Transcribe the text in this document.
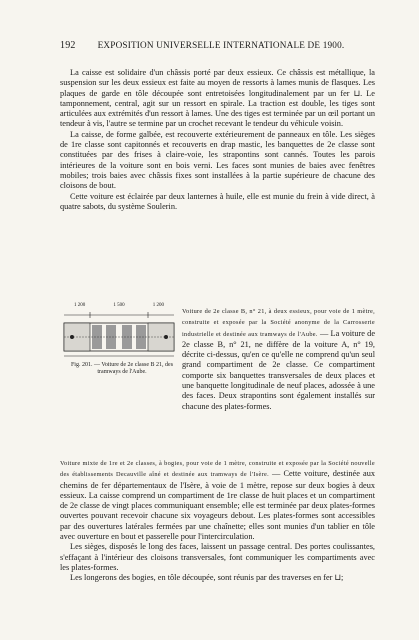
192 EXPOSITION UNIVERSELLE INTERNATIONALE DE 1900.

La caisse est solidaire d'un châssis porté par deux essieux. Ce châssis est métallique, la suspension sur les deux essieux est faite au moyen de ressorts à lames munis de flasques. Les plaques de garde en tôle découpée sont entretoisées longitudinalement par un fer ⊔. Le tamponnement, central, agit sur un ressort en spirale. La traction est double, les tiges sont articulées aux extrémités d'un ressort à lames. Une des tiges est terminée par un œil portant un tendeur à vis, l'autre se termine par un crochet recevant le tendeur du véhicule voisin.

La caisse, de forme galbée, est recouverte extérieurement de panneaux en tôle. Les sièges de 1re classe sont capitonnés et recouverts en drap mastic, les banquettes de 2e classe sont constituées par des frises à claire-voie, les strapontins sont cannés. Toutes les parois intérieures de la voiture sont en bois verni. Les faces sont munies de baies avec fenêtres mobiles; trois baies avec châssis fixes sont installées à la partie supérieure de chacune des cloisons de bout.

Cette voiture est éclairée par deux lanternes à huile, elle est munie du frein à vide direct, à quatre sabots, du système Soulerin.

1 200	1 500	1 200
Fig. 201. — Voiture de 2e classe B 21, des tramways de l'Aube.

Voiture de 2e classe B, n° 21, à deux essieux, pour voie de 1 mètre, construite et exposée par la Société anonyme de la Carrosserie industrielle et destinée aux tramways de l'Aube. — La voiture de 2e classe B, n° 21, ne diffère de la voiture A, n° 19, décrite ci-dessus, qu'en ce qu'elle ne comprend qu'un seul grand compartiment de 2e classe. Ce compartiment comporte six banquettes transversales de deux places et une banquette longitudinale de neuf places, adossée à une des faces. Deux strapontins sont également installés sur chacune des plates-formes.

Voiture mixte de 1re et 2e classes, à bogies, pour voie de 1 mètre, construite et exposée par la Société nouvelle des établissements Decauville aîné et destinée aux tramways de l'Isère. — Cette voiture, destinée aux chemins de fer départementaux de l'Isère, à voie de 1 mètre, repose sur deux bogies à deux essieux. La caisse comprend un compartiment de 1re classe de huit places et un compartiment de 2e classe de vingt places communiquant ensemble; elle est terminée par deux plates-formes ouvertes pouvant recevoir chacune six voyageurs debout. Les plates-formes sont accessibles par des ouvertures latérales fermées par une chaînette; elles sont munies d'un tablier en tôle avec ouverture en bout et passerelle pour l'intercirculation.

Les sièges, disposés le long des faces, laissent un passage central. Des portes coulissantes, s'effaçant à l'intérieur des cloisons transversales, font communiquer les compartiments avec les plates-formes.

Les longerons des bogies, en tôle découpée, sont réunis par des traverses en fer ⊔;
